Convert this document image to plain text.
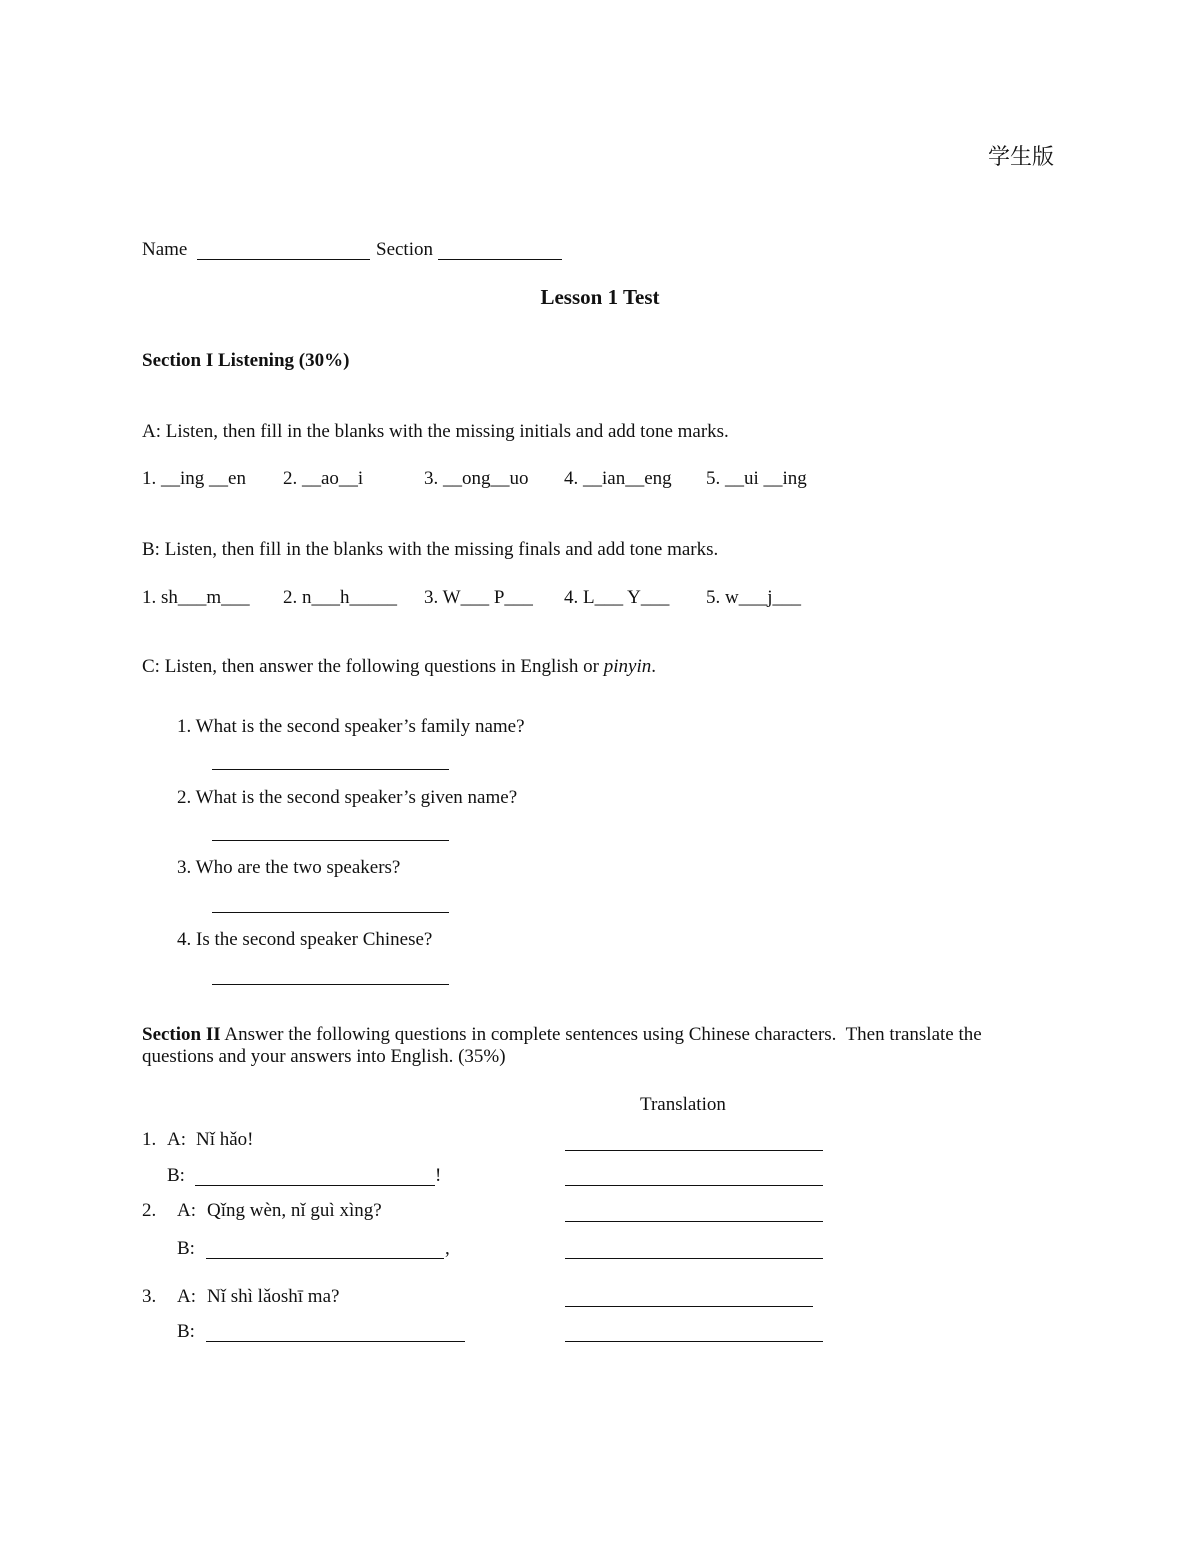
学生版
Name	Section
Lesson 1 Test
Section I Listening (30%)
A: Listen, then fill in the blanks with the missing initials and add tone marks.
1. __ing __en 2. __ao__i	3. __ong__uo 4. __ian__eng 5. __ui __ing
B: Listen, then fill in the blanks with the missing finals and add tone marks.
1. sh___m___ 2. n___h_____ 3. W___ P___ 4. L___ Y___ 5. w___j___
C: Listen, then answer the following questions in English or pinyin.
1. What is the second speaker’s family name?
2. What is the second speaker’s given name?
3. Who are the two speakers?
4. Is the second speaker Chinese?
Section II Answer the following questions in complete sentences using Chinese characters.  Then translate the
questions and your answers into English. (35%)
Translation
1. A: Nǐ hǎo!
B:	!
2. A: Qǐng wèn, nǐ guì xìng?
B:	,
3. A: Nǐ shì lǎoshī ma?
B:
